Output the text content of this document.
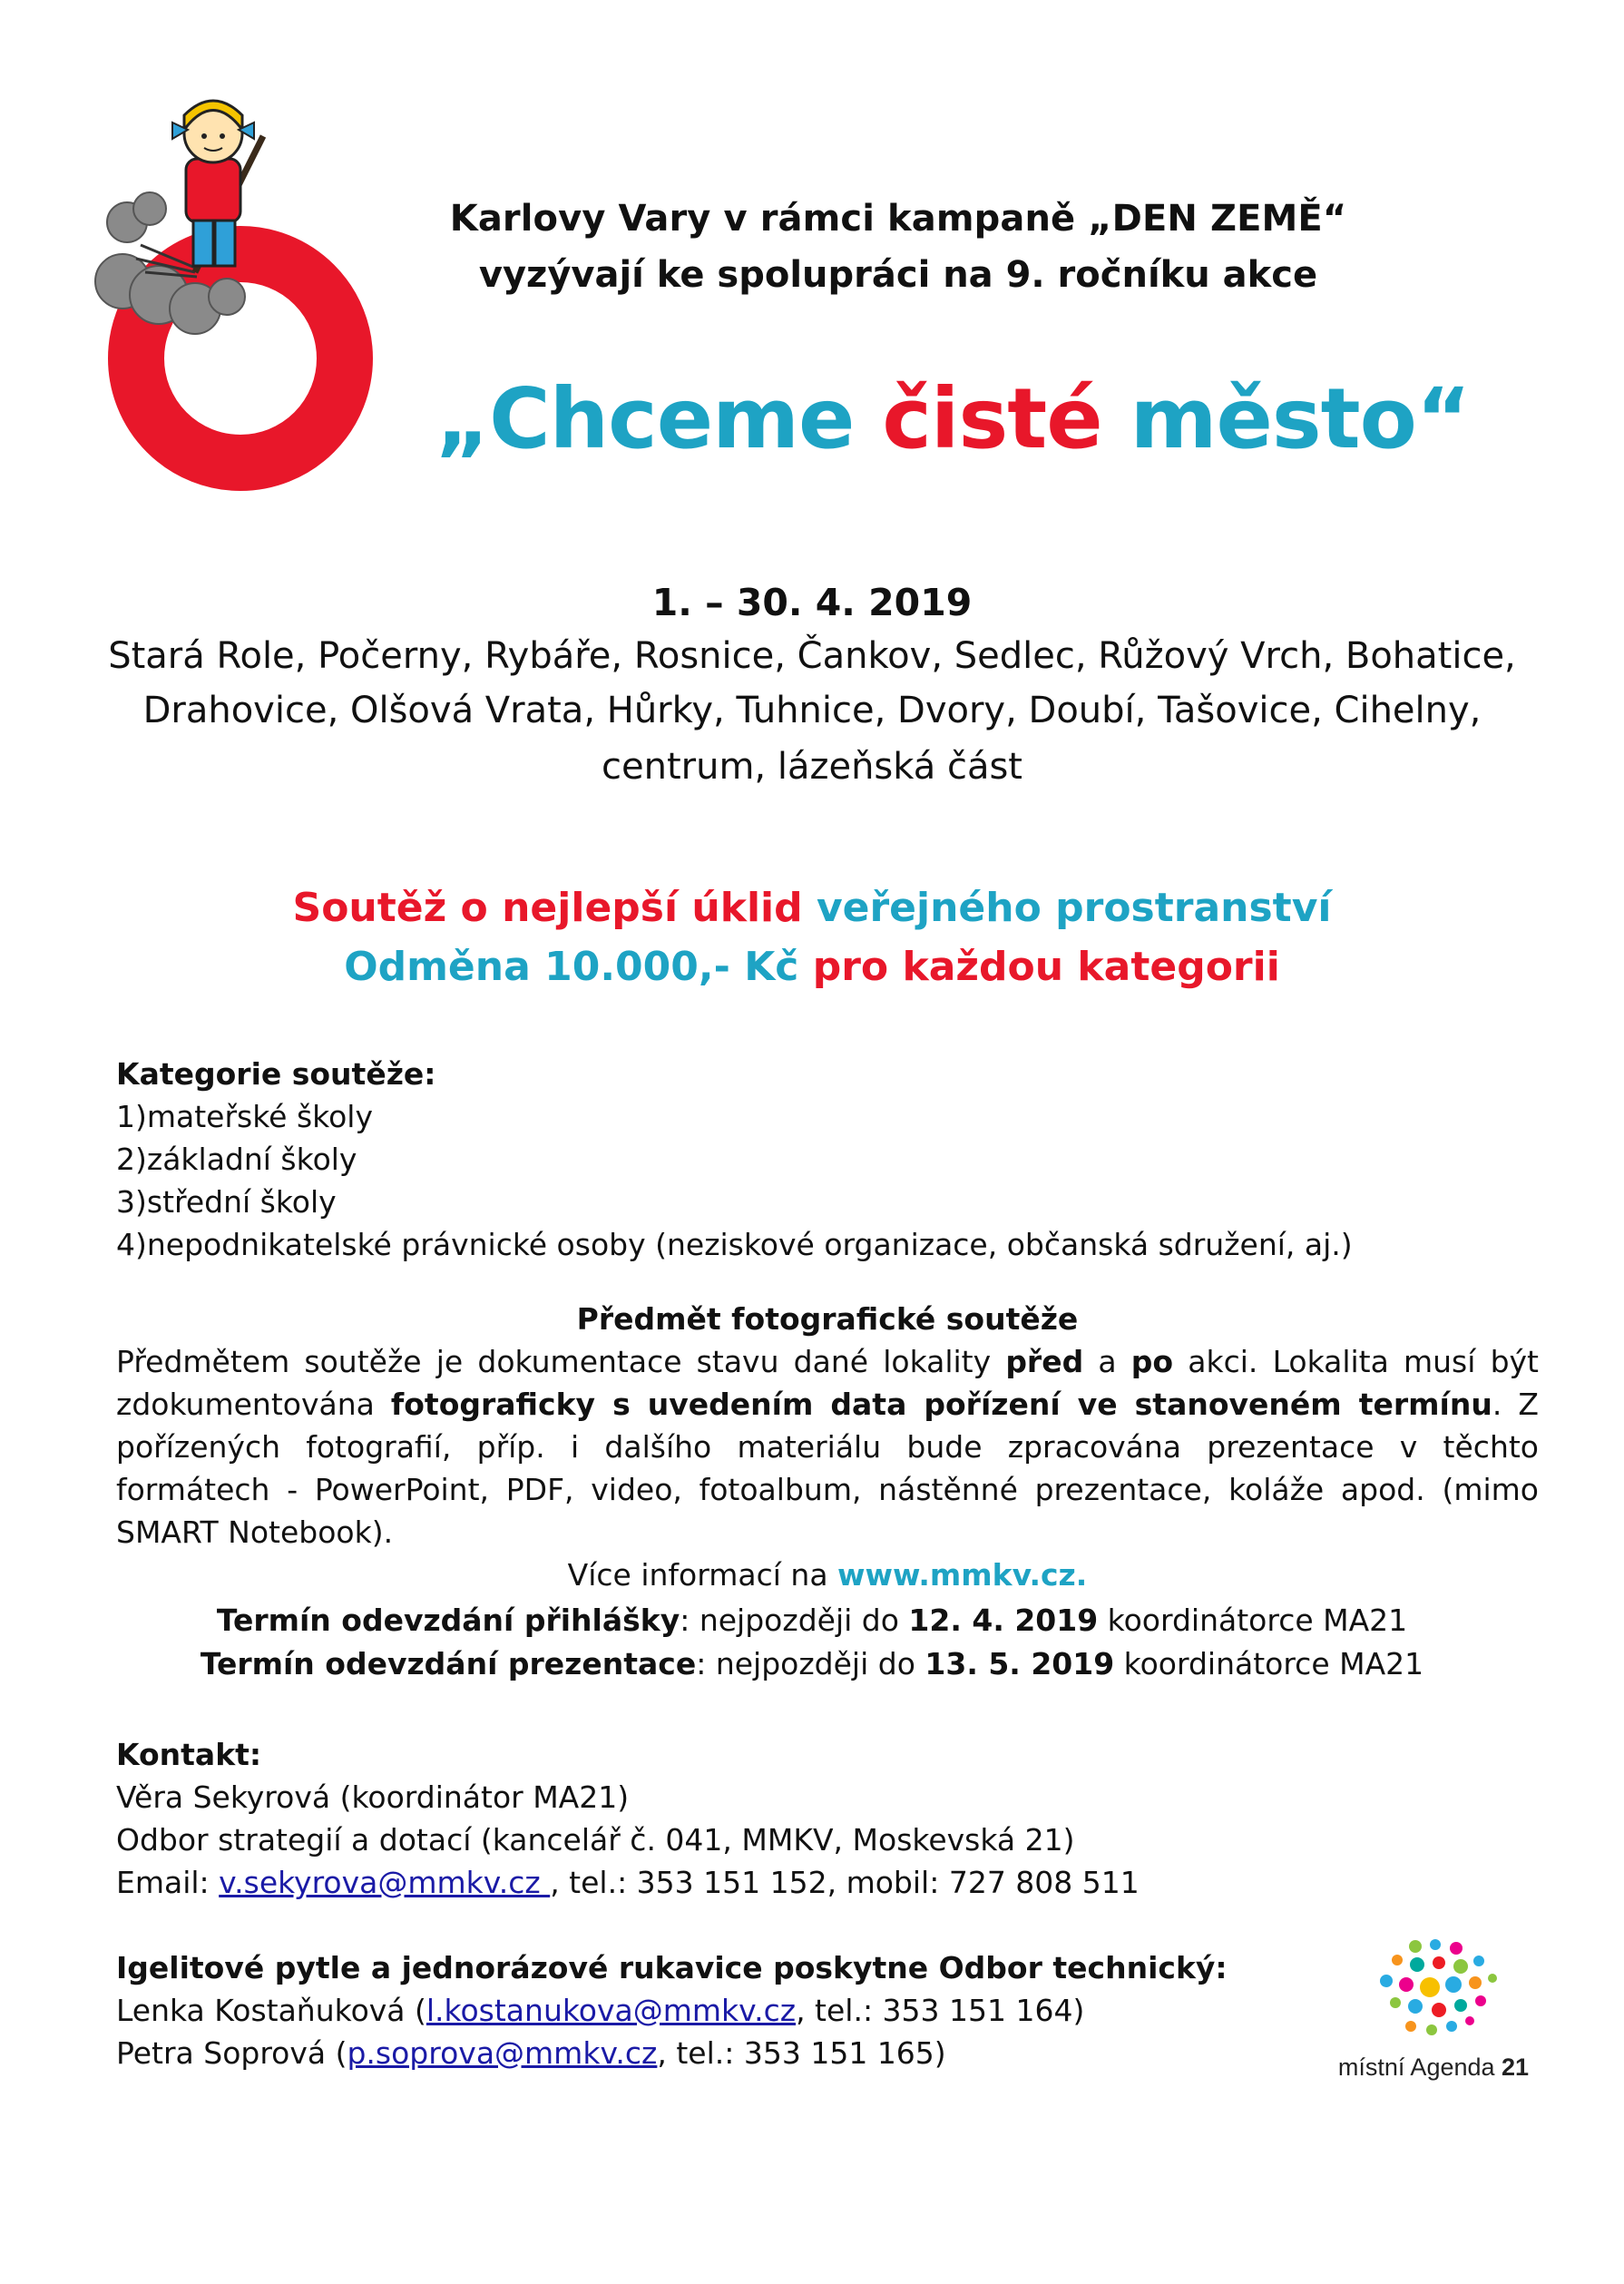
Karlovy Vary v rámci kampaně „DEN ZEMĚ“
vyzývají ke spolupráci na 9. ročníku akce
„Chceme čisté město“
1. – 30. 4. 2019
Stará Role, Počerny, Rybáře, Rosnice, Čankov, Sedlec, Růžový Vrch, Bohatice,
Drahovice, Olšová Vrata, Hůrky, Tuhnice, Dvory, Doubí, Tašovice, Cihelny,
centrum, lázeňská část
Soutěž o nejlepší úklid veřejného prostranství
Odměna 10.000,- Kč pro každou kategorii
Kategorie soutěže:
1)mateřské školy
2)základní školy
3)střední školy
4)nepodnikatelské právnické osoby (neziskové organizace, občanská sdružení, aj.)
Předmět fotografické soutěže
Předmětem soutěže je dokumentace stavu dané lokality před a po akci. Lokalita musí být zdokumentována fotograficky s uvedením data pořízení ve stanoveném termínu. Z pořízených fotografií, příp. i dalšího materiálu bude zpracována prezentace v těchto formátech - PowerPoint, PDF, video, fotoalbum, nástěnné prezentace, koláže apod. (mimo SMART Notebook).
Více informací na www.mmkv.cz.
Termín odevzdání přihlášky: nejpozději do 12. 4. 2019 koordinátorce MA21
Termín odevzdání prezentace: nejpozději do 13. 5. 2019 koordinátorce MA21
Kontakt:
Věra Sekyrová (koordinátor MA21)
Odbor strategií a dotací (kancelář č. 041, MMKV, Moskevská 21)
Email: v.sekyrova@mmkv.cz , tel.: 353 151 152, mobil: 727 808 511
Igelitové pytle a jednorázové rukavice poskytne Odbor technický:
Lenka Kostaňuková (l.kostanukova@mmkv.cz, tel.: 353 151 164)
Petra Soprová (p.soprova@mmkv.cz, tel.: 353 151 165)	místní Agenda 21
